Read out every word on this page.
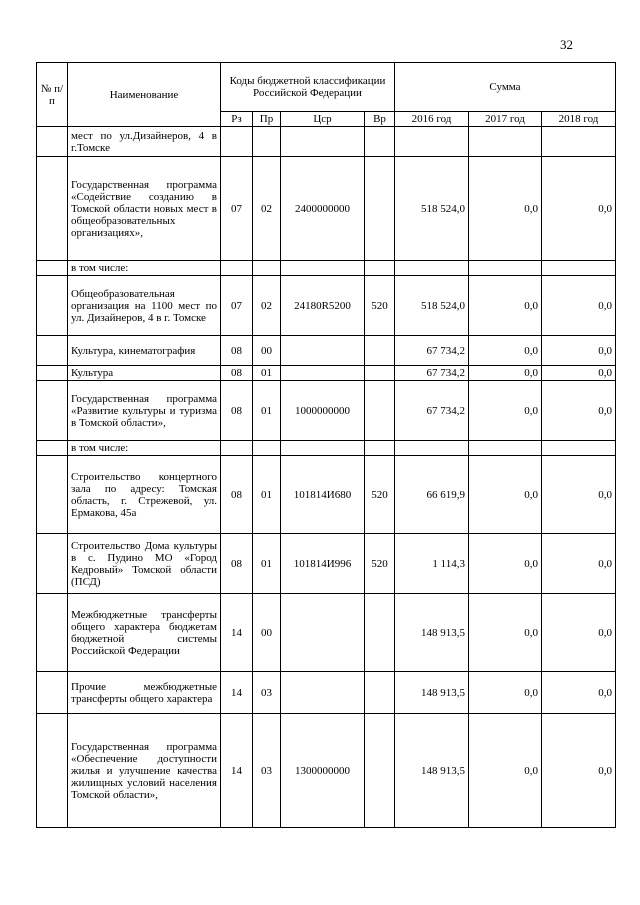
32
№ п/п	Наименование	Коды бюджетной классификации Российской Федерации				Сумма		
		Рз	Пр	Цср	Вр	2016 год	2017 год	2018 год
	мест по ул.Дизайнеров, 4 в г.Томске							
	Государственная программа «Содействие созданию в Томской области новых мест в общеобразовательных организациях»,	07	02	2400000000		518 524,0	0,0	0,0
	в том числе:							
	Общеобразовательная организация на 1100 мест по ул. Дизайнеров, 4 в г. Томске	07	02	24180R5200	520	518 524,0	0,0	0,0
	Культура, кинематография	08	00			67 734,2	0,0	0,0
	Культура	08	01			67 734,2	0,0	0,0
	Государственная программа «Развитие культуры и туризма в Томской области»,	08	01	1000000000		67 734,2	0,0	0,0
	в том числе:							
	Строительство концертного зала по адресу: Томская область, г. Стрежевой, ул. Ермакова, 45а	08	01	101814И680	520	66 619,9	0,0	0,0
	Строительство Дома культуры в с. Пудино МО «Город Кедровый» Томской области (ПСД)	08	01	101814И996	520	1 114,3	0,0	0,0
	Межбюджетные трансферты общего характера бюджетам бюджетной системы Российской Федерации	14	00			148 913,5	0,0	0,0
	Прочие межбюджетные трансферты общего характера	14	03			148 913,5	0,0	0,0
	Государственная программа «Обеспечение доступности жилья и улучшение качества жилищных условий населения Томской области»,	14	03	1300000000		148 913,5	0,0	0,0
